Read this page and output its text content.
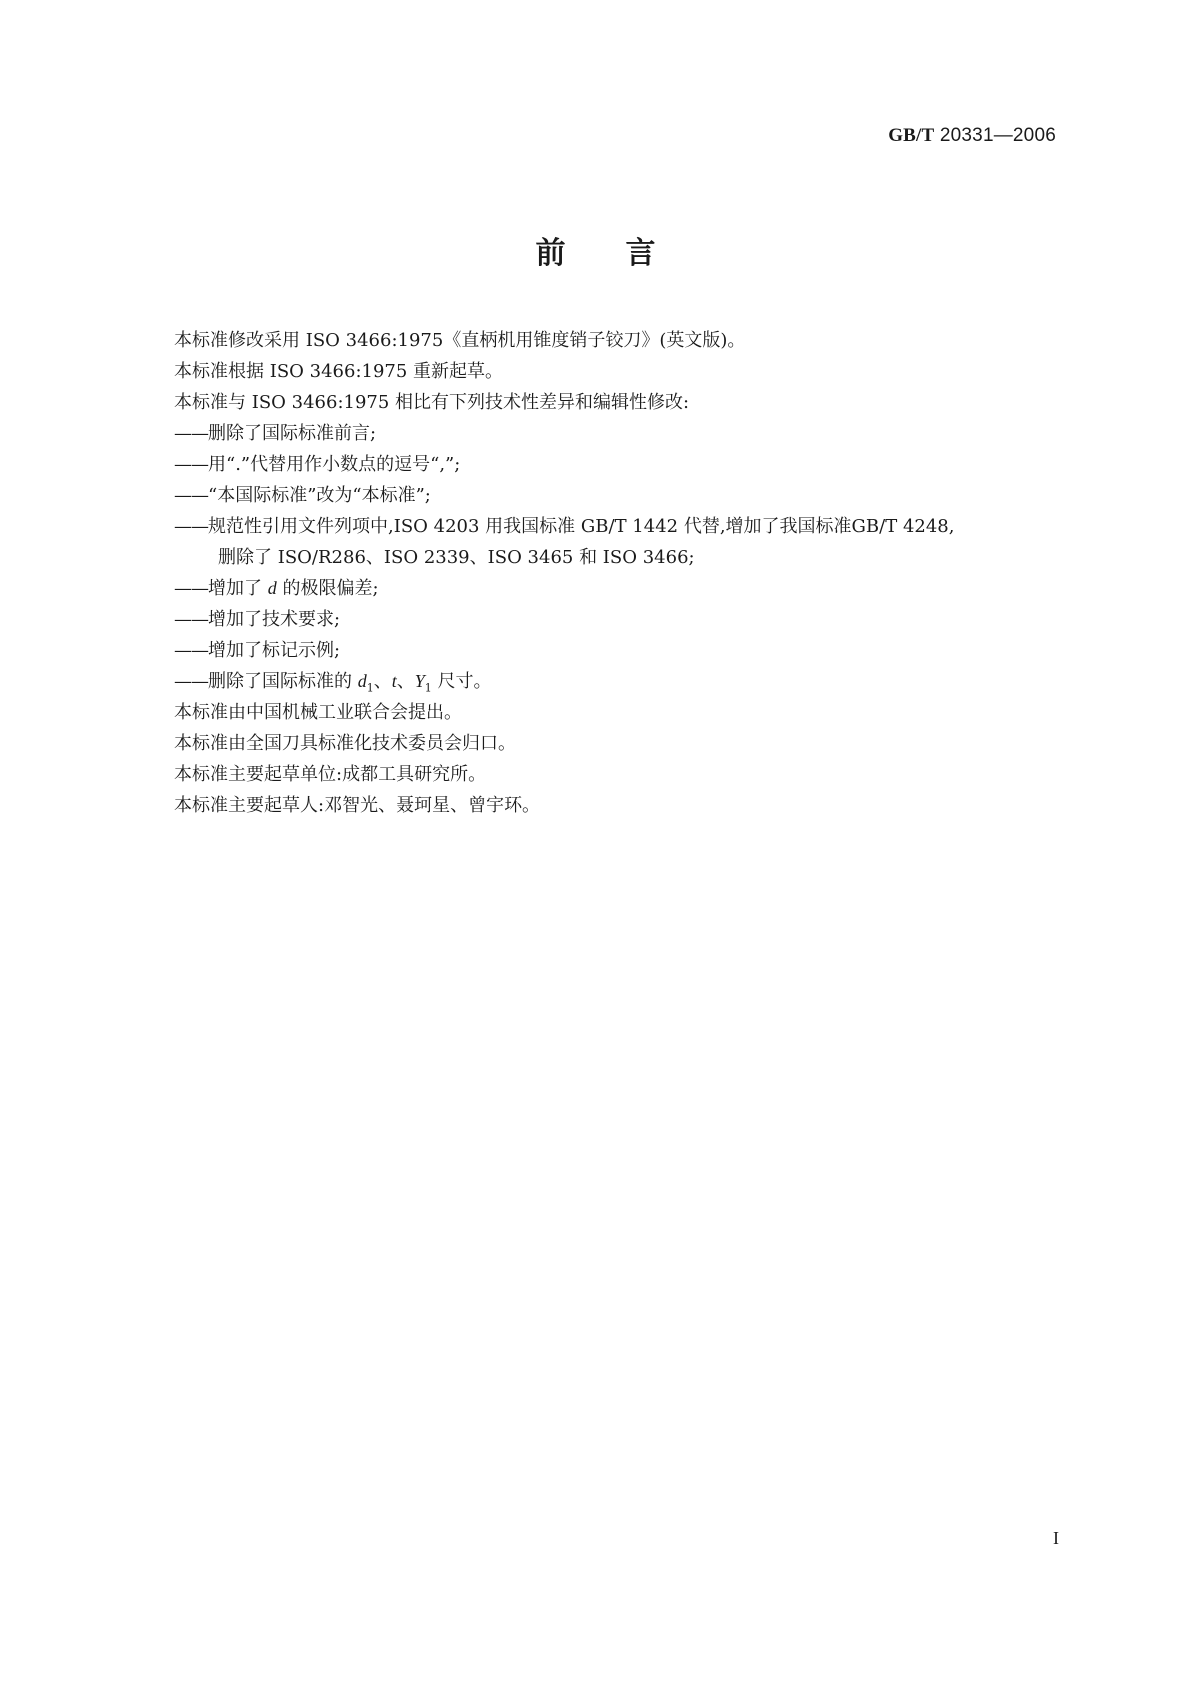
GB/T 20331—2006
前言
本标准修改采用 ISO 3466:1975《直柄机用锥度销子铰刀》(英文版)。
本标准根据 ISO 3466:1975 重新起草。
本标准与 ISO 3466:1975 相比有下列技术性差异和编辑性修改:
——删除了国际标准前言;
——用“.”代替用作小数点的逗号“,”;
——“本国际标准”改为“本标准”;
——规范性引用文件列项中,ISO 4203 用我国标准 GB/T 1442 代替,增加了我国标准GB/T 4248,
删除了 ISO/R286、ISO 2339、ISO 3465 和 ISO 3466;
——增加了 d 的极限偏差;
——增加了技术要求;
——增加了标记示例;
——删除了国际标准的 $d_1$、t、$Y_1$ 尺寸。
本标准由中国机械工业联合会提出。
本标准由全国刀具标准化技术委员会归口。
本标准主要起草单位:成都工具研究所。
本标准主要起草人:邓智光、聂珂星、曾宇环。
I
